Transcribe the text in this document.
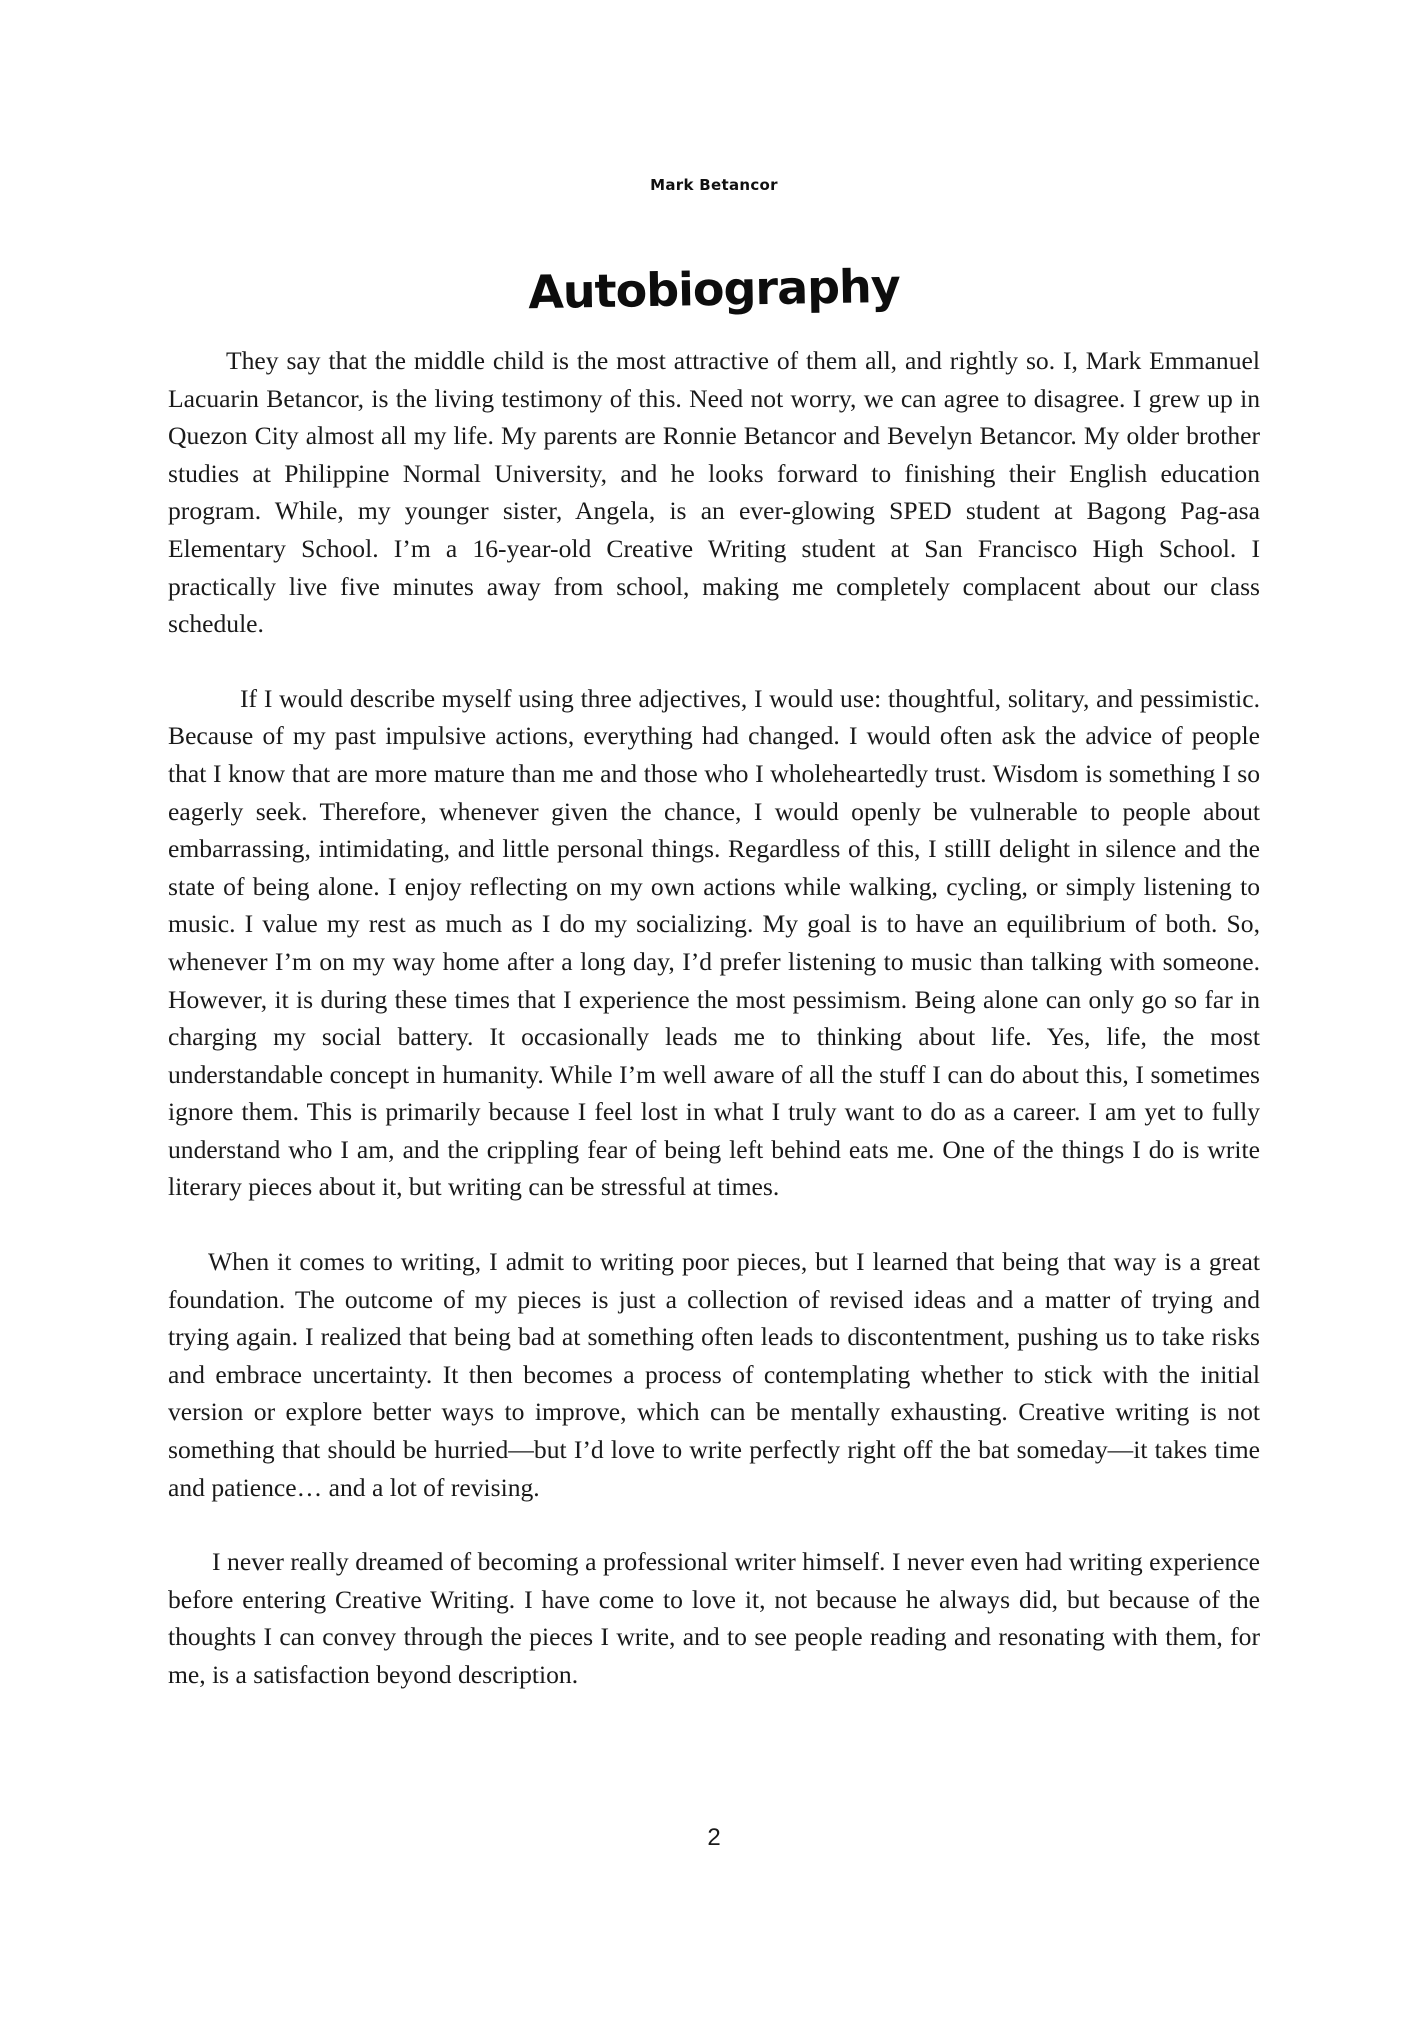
Mark Betancor
Autobiography

They say that the middle child is the most attractive of them all, and rightly so. I, Mark Emmanuel Lacuarin Betancor, is the living testimony of this. Need not worry, we can agree to disagree. I grew up in Quezon City almost all my life. My parents are Ronnie Betancor and Bevelyn Betancor. My older brother studies at Philippine Normal University, and he looks forward to finishing their English education program. While, my younger sister, Angela, is an ever-glowing SPED student at Bagong Pag-asa Elementary School. I’m a 16-year-old Creative Writing student at San Francisco High School. I practically live five minutes away from school, making me completely complacent about our class schedule.

If I would describe myself using three adjectives, I would use: thoughtful, solitary, and pessimistic. Because of my past impulsive actions, everything had changed. I would often ask the advice of people that I know that are more mature than me and those who I wholeheartedly trust. Wisdom is something I so eagerly seek. Therefore, whenever given the chance, I would openly be vulnerable to people about embarrassing, intimidating, and little personal things. Regardless of this, I stillI delight in silence and the state of being alone. I enjoy reflecting on my own actions while walking, cycling, or simply listening to music. I value my rest as much as I do my socializing. My goal is to have an equilibrium of both. So, whenever I’m on my way home after a long day, I’d prefer listening to music than talking with someone. However, it is during these times that I experience the most pessimism. Being alone can only go so far in charging my social battery. It occasionally leads me to thinking about life. Yes, life, the most understandable concept in humanity. While I’m well aware of all the stuff I can do about this, I sometimes ignore them. This is primarily because I feel lost in what I truly want to do as a career. I am yet to fully understand who I am, and the crippling fear of being left behind eats me. One of the things I do is write literary pieces about it, but writing can be stressful at times.

When it comes to writing, I admit to writing poor pieces, but I learned that being that way is a great foundation. The outcome of my pieces is just a collection of revised ideas and a matter of trying and trying again. I realized that being bad at something often leads to discontentment, pushing us to take risks and embrace uncertainty. It then becomes a process of contemplating whether to stick with the initial version or explore better ways to improve, which can be mentally exhausting. Creative writing is not something that should be hurried—but I’d love to write perfectly right off the bat someday—it takes time and patience… and a lot of revising.

I never really dreamed of becoming a professional writer himself. I never even had writing experience before entering Creative Writing. I have come to love it, not because he always did, but because of the thoughts I can convey through the pieces I write, and to see people reading and resonating with them, for me, is a satisfaction beyond description.

2
